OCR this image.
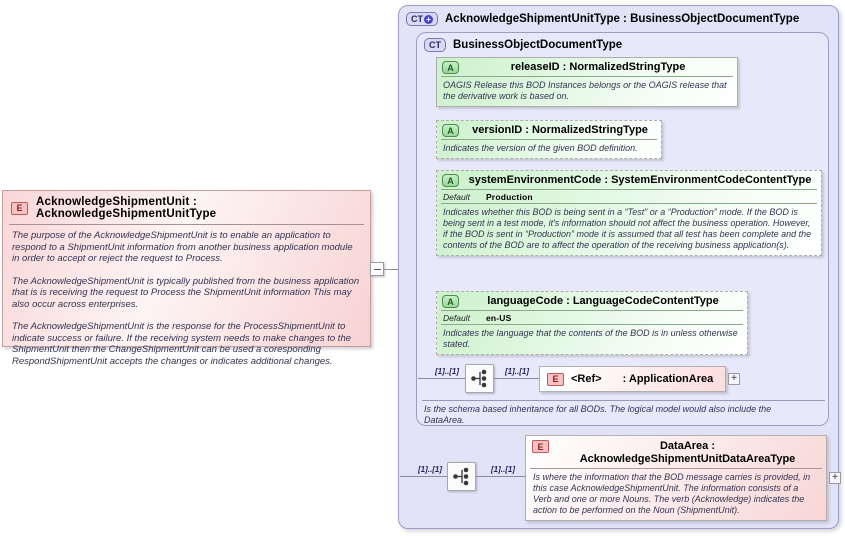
E	AcknowledgeShipmentUnit : AcknowledgeShipmentUnitType

The purpose of the AcknowledgeShipmentUnit is to enable an application to respond to a ShipmentUnit information from another business application module in order to accept or reject the request to Process.

The AcknowledgeShipmentUnit is typically published from the business application that is is receiving the request to Process the ShipmentUnit information This may also occur across enterprises.

The AcknowledgeShipmentUnit is the response for the ProcessShipmentUnit to indicate success or failure. If the receiving system needs to make changes to the ShipmentUnit then the ChangeShipmentUnit can be used a coresponding RespondShipmentUnit accepts the changes or indicates additional changes.

CT + AcknowledgeShipmentUnitType : BusinessObjectDocumentType
CT	BusinessObjectDocumentType
A	releaseID : NormalizedStringType
OAGIS Release this BOD Instances belongs or the OAGIS release that the derivative work is based on.
A	versionID : NormalizedStringType
Indicates the version of the given BOD definition.
A	systemEnvironmentCode : SystemEnvironmentCodeContentType
Default Production
Indicates whether this BOD is being sent in a “Test” or a “Production” mode. If the BOD is being sent in a test mode, it's information should not affect the business operation. However, if the BOD is sent in “Production” mode it is assumed that all test has been complete and the contents of the BOD are to affect the operation of the receiving business application(s).
A	languageCode : LanguageCodeContentType
Default en-US
Indicates the language that the contents of the BOD is in unless otherwise stated.
[1]..[1]	[1]..[1]
E	<Ref> : ApplicationArea	+
Is the schema based inheritance for all BODs. The logical model would also include the DataArea.
[1]..[1]	[1]..[1]
E	DataArea : AcknowledgeShipmentUnitDataAreaType
Is where the information that the BOD message carries is provided, in this case AcknowledgeShipmentUnit. The information consists of a Verb and one or more Nouns. The verb (Acknowledge) indicates the action to be performed on the Noun (ShipmentUnit).
+
